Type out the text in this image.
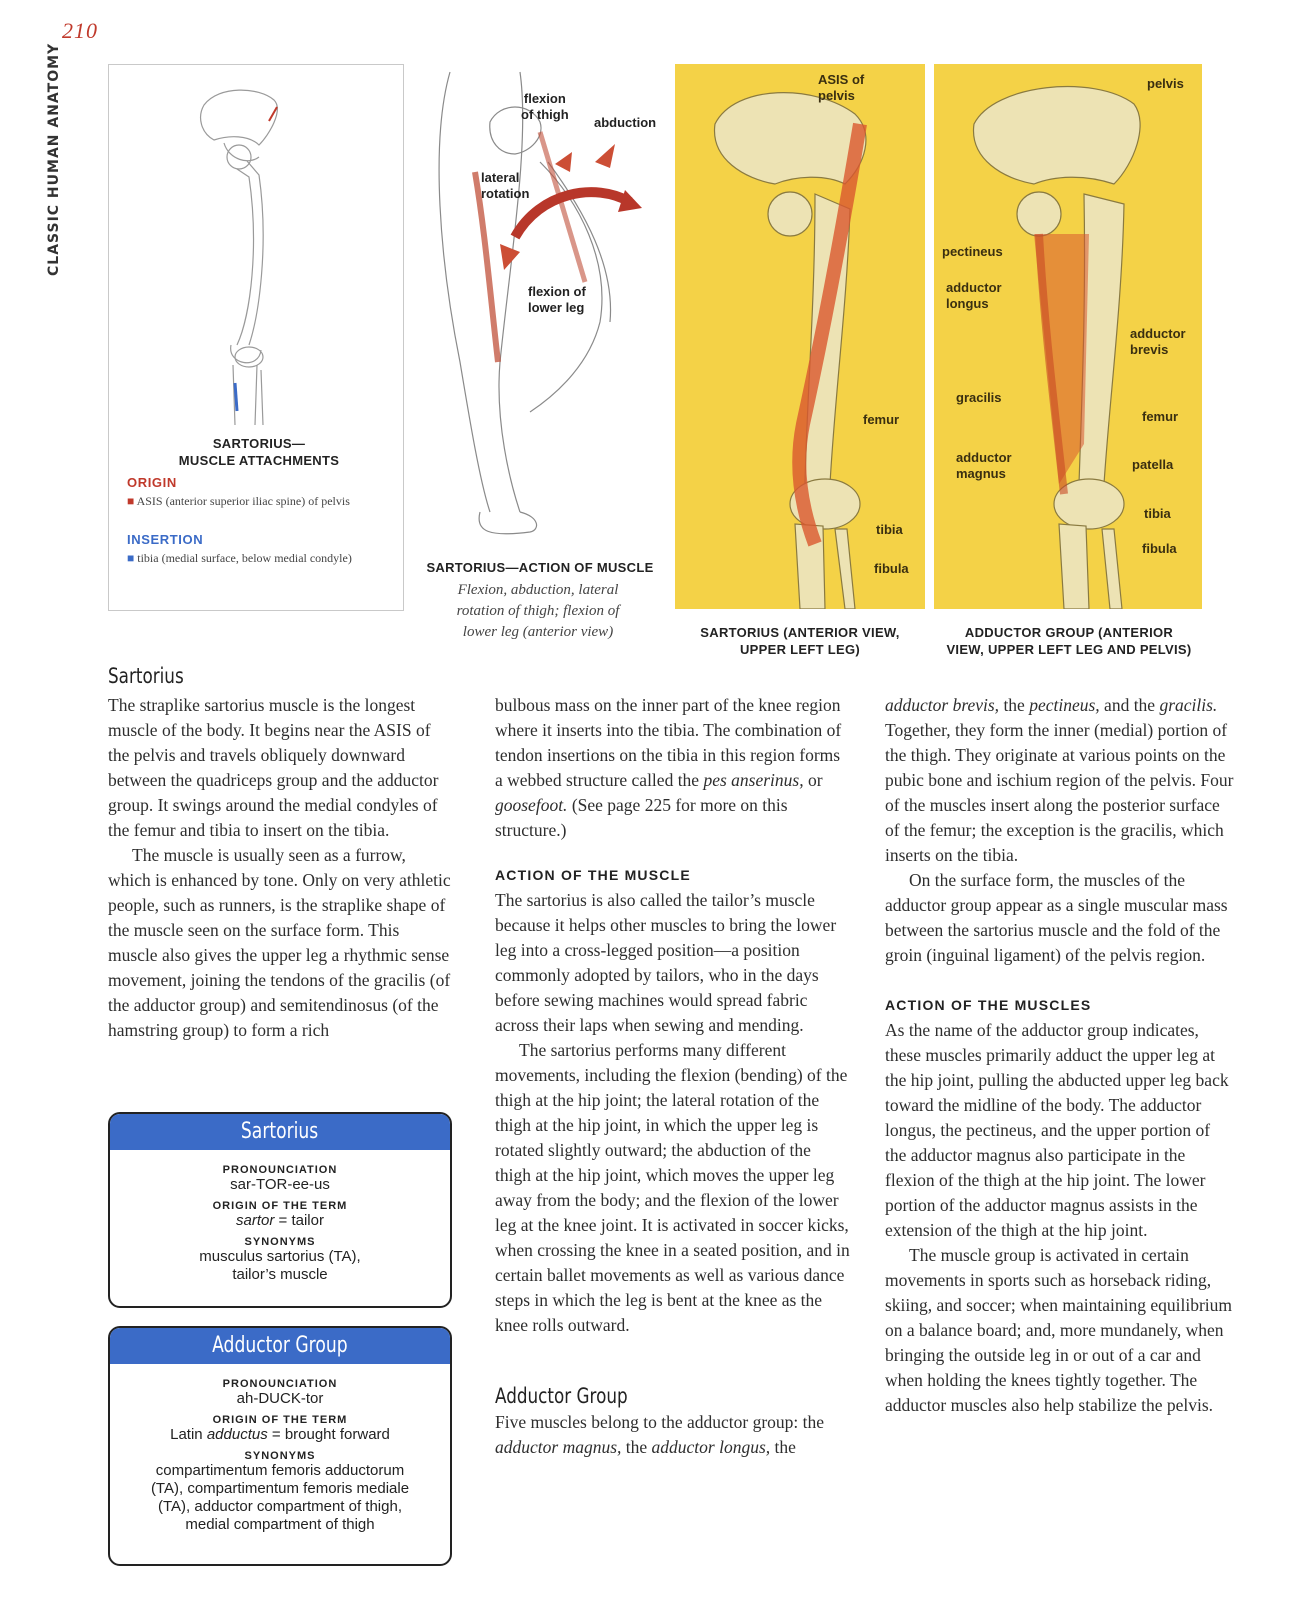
210
CLASSIC HUMAN ANATOMY
SARTORIUS—
MUSCLE ATTACHMENTS
ORIGIN
■ ASIS (anterior superior iliac spine) of pelvis
INSERTION
■ tibia (medial surface, below medial condyle)
flexion
of thigh
abduction
lateral
rotation
flexion of
lower leg
SARTORIUS—ACTION OF MUSCLE
Flexion, abduction, lateral rotation of thigh; flexion of lower leg (anterior view)
ASIS of
pelvis
femur
tibia
fibula
SARTORIUS (ANTERIOR VIEW,
UPPER LEFT LEG)
pelvis
pectineus
adductor
longus
adductor
brevis
gracilis
femur
adductor
magnus
patella
tibia
fibula
ADDUCTOR GROUP (ANTERIOR
VIEW, UPPER LEFT LEG AND PELVIS)
Sartorius

The straplike sartorius muscle is the longest muscle of the body. It begins near the ASIS of the pelvis and travels obliquely downward between the quadriceps group and the adductor group. It swings around the medial condyles of the femur and tibia to insert on the tibia.

The muscle is usually seen as a furrow, which is enhanced by tone. Only on very athletic people, such as runners, is the straplike shape of the muscle seen on the surface form. This muscle also gives the upper leg a rhythmic sense movement, joining the tendons of the gracilis (of the adductor group) and semitendinosus (of the hamstring group) to form a rich

Sartorius
PRONOUNCIATION
sar-TOR-ee-us
ORIGIN OF THE TERM
sartor = tailor
SYNONYMS
musculus sartorius (TA),
tailor’s muscle
Adductor Group
PRONOUNCIATION
ah-DUCK-tor
ORIGIN OF THE TERM
Latin adductus = brought forward
SYNONYMS
compartimentum femoris adductorum
(TA), compartimentum femoris mediale
(TA), adductor compartment of thigh,
medial compartment of thigh

bulbous mass on the inner part of the knee region where it inserts into the tibia. The combination of tendon insertions on the tibia in this region forms a webbed structure called the pes anserinus, or goosefoot. (See page 225 for more on this structure.)

ACTION OF THE MUSCLE

The sartorius is also called the tailor’s muscle because it helps other muscles to bring the lower leg into a cross-legged position—a position commonly adopted by tailors, who in the days before sewing machines would spread fabric across their laps when sewing and mending.

The sartorius performs many different movements, including the flexion (bending) of the thigh at the hip joint; the lateral rotation of the thigh at the hip joint, in which the upper leg is rotated slightly outward; the abduction of the thigh at the hip joint, which moves the upper leg away from the body; and the flexion of the lower leg at the knee joint. It is activated in soccer kicks, when crossing the knee in a seated position, and in certain ballet movements as well as various dance steps in which the leg is bent at the knee as the knee rolls outward.

Adductor Group

Five muscles belong to the adductor group: the adductor magnus, the adductor longus, the

adductor brevis, the pectineus, and the gracilis. Together, they form the inner (medial) portion of the thigh. They originate at various points on the pubic bone and ischium region of the pelvis. Four of the muscles insert along the posterior surface of the femur; the exception is the gracilis, which inserts on the tibia.

On the surface form, the muscles of the adductor group appear as a single muscular mass between the sartorius muscle and the fold of the groin (inguinal ligament) of the pelvis region.

ACTION OF THE MUSCLES

As the name of the adductor group indicates, these muscles primarily adduct the upper leg at the hip joint, pulling the abducted upper leg back toward the midline of the body. The adductor longus, the pectineus, and the upper portion of the adductor magnus also participate in the flexion of the thigh at the hip joint. The lower portion of the adductor magnus assists in the extension of the thigh at the hip joint.

The muscle group is activated in certain movements in sports such as horseback riding, skiing, and soccer; when maintaining equilibrium on a balance board; and, more mundanely, when bringing the outside leg in or out of a car and when holding the knees tightly together. The adductor muscles also help stabilize the pelvis.
